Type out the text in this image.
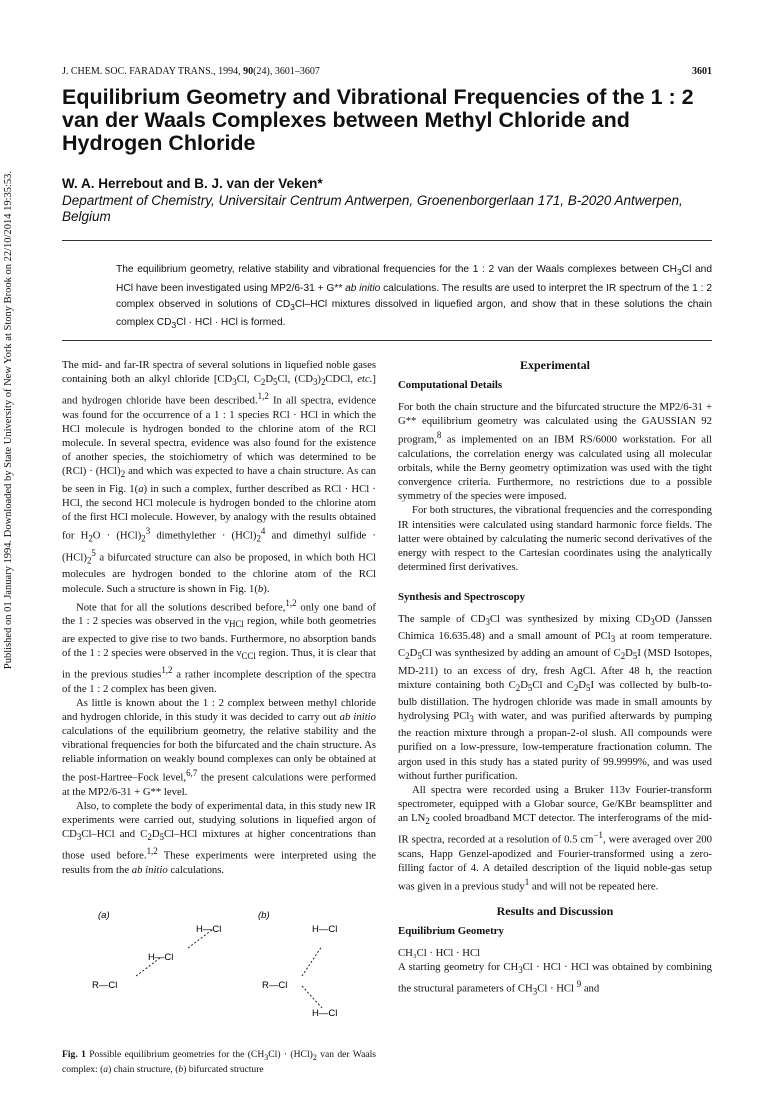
Published on 01 January 1994. Downloaded by State University of New York at Stony Brook on 22/10/2014 19:35:53.
J. CHEM. SOC. FARADAY TRANS., 1994, 90(24), 3601–3607	3601
Equilibrium Geometry and Vibrational Frequencies of the 1 : 2 van der Waals Complexes between Methyl Chloride and Hydrogen Chloride
W. A. Herrebout and B. J. van der Veken*
Department of Chemistry, Universitair Centrum Antwerpen, Groenenborgerlaan 171, B-2020 Antwerpen, Belgium

The equilibrium geometry, relative stability and vibrational frequencies for the 1 : 2 van der Waals complexes between $CH_3Cl$ and HCl have been investigated using MP2/6-31 + G** ab initio calculations. The results are used to interpret the IR spectrum of the 1 : 2 complex observed in solutions of $CD_3Cl$–HCl mixtures dissolved in liquefied argon, and show that in these solutions the chain complex $CD_3Cl$ · HCl · HCl is formed.

The mid- and far-IR spectra of several solutions in liquefied noble gases containing both an alkyl chloride [$CD_3Cl$, $C_2D_5Cl$, $(CD_3)_2CDCl$, etc.] and hydrogen chloride have been described.$^{1,2}$ In all spectra, evidence was found for the occurrence of a 1 : 1 species RCl · HCl in which the HCl molecule is hydrogen bonded to the chlorine atom of the RCl molecule. In several spectra, evidence was also found for the existence of another species, the stoichiometry of which was determined to be $(RCl) \cdot (HCl)_2$ and which was expected to have a chain structure. As can be seen in Fig. 1(a) in such a complex, further described as RCl · HCl · HCl, the second HCl molecule is hydrogen bonded to the chlorine atom of the first HCl molecule. However, by analogy with the results obtained for $H_2O \cdot (HCl)_2^3$ dimethylether · $(HCl)_2^4$ and dimethyl sulfide · $(HCl)_2^5$ a bifurcated structure can also be proposed, in which both HCl molecules are hydrogen bonded to the chlorine atom of the RCl molecule. Such a structure is shown in Fig. 1(b).

Note that for all the solutions described before,$^{1,2}$ only one band of the 1 : 2 species was observed in the $\nu_{HCl}$ region, while both geometries are expected to give rise to two bands. Furthermore, no absorption bands of the 1 : 2 species were observed in the $\nu_{CCl}$ region. Thus, it is clear that in the previous studies$^{1,2}$ a rather incomplete description of the spectra of the 1 : 2 complex has been given.

As little is known about the 1 : 2 complex between methyl chloride and hydrogen chloride, in this study it was decided to carry out ab initio calculations of the equilibrium geometry, the relative stability and the vibrational frequencies for both the bifurcated and the chain structure. As reliable information on weakly bound complexes can only be obtained at the post-Hartree–Fock level,$^{6,7}$ the present calculations were performed at the MP2/6-31 + G** level.

Also, to complete the body of experimental data, in this study new IR experiments were carried out, studying solutions in liquefied argon of $CD_3Cl$–HCl and $C_2D_5Cl$–HCl mixtures at higher concentrations than those used before.$^{1,2}$ These experiments were interpreted using the results from the ab initio calculations.

(a)	(b)
R—Cl
H—Cl
H—Cl
R—Cl
H—Cl
H—Cl
Fig. 1 Possible equilibrium geometries for the $(CH_3Cl) \cdot (HCl)_2$ van der Waals complex: (a) chain structure, (b) bifurcated structure
Experimental
Computational Details

For both the chain structure and the bifurcated structure the MP2/6-31 + G** equilibrium geometry was calculated using the GAUSSIAN 92 program,$^8$ as implemented on an IBM RS/6000 workstation. For all calculations, the correlation energy was calculated using all molecular orbitals, while the Berny geometry optimization was used with the tight convergence criteria. Furthermore, no restrictions due to a possible symmetry of the species were imposed.

For both structures, the vibrational frequencies and the corresponding IR intensities were calculated using standard harmonic force fields. The latter were obtained by calculating the numeric second derivatives of the energy with respect to the Cartesian coordinates using the analytically determined first derivatives.

Synthesis and Spectroscopy

The sample of $CD_3Cl$ was synthesized by mixing $CD_3OD$ (Janssen Chimica 16.635.48) and a small amount of PCl$_3$ at room temperature. $C_2D_5Cl$ was synthesized by adding an amount of $C_2D_5I$ (MSD Isotopes, MD-211) to an excess of dry, fresh AgCl. After 48 h, the reaction mixture containing both $C_2D_5Cl$ and $C_2D_5I$ was collected by bulb-to-bulb distillation. The hydrogen chloride was made in small amounts by hydrolysing PCl$_3$ with water, and was purified afterwards by pumping the reaction mixture through a propan-2-ol slush. All compounds were purified on a low-pressure, low-temperature fractionation column. The argon used in this study has a stated purity of 99.9999%, and was used without further purification.

All spectra were recorded using a Bruker 113v Fourier-transform spectrometer, equipped with a Globar source, Ge/KBr beamsplitter and an $LN_2$ cooled broadband MCT detector. The interferograms of the mid-IR spectra, recorded at a resolution of 0.5 $cm^{-1}$, were averaged over 200 scans, Happ Genzel-apodized and Fourier-transformed using a zero-filling factor of 4. A detailed description of the liquid noble-gas setup was given in a previous study$^1$ and will not be repeated here.

Results and Discussion
Equilibrium Geometry

CH₃Cl · HCl · HCl

A starting geometry for $CH_3Cl$ · HCl · HCl was obtained by combining the structural parameters of $CH_3Cl$ · HCl $^9$ and
